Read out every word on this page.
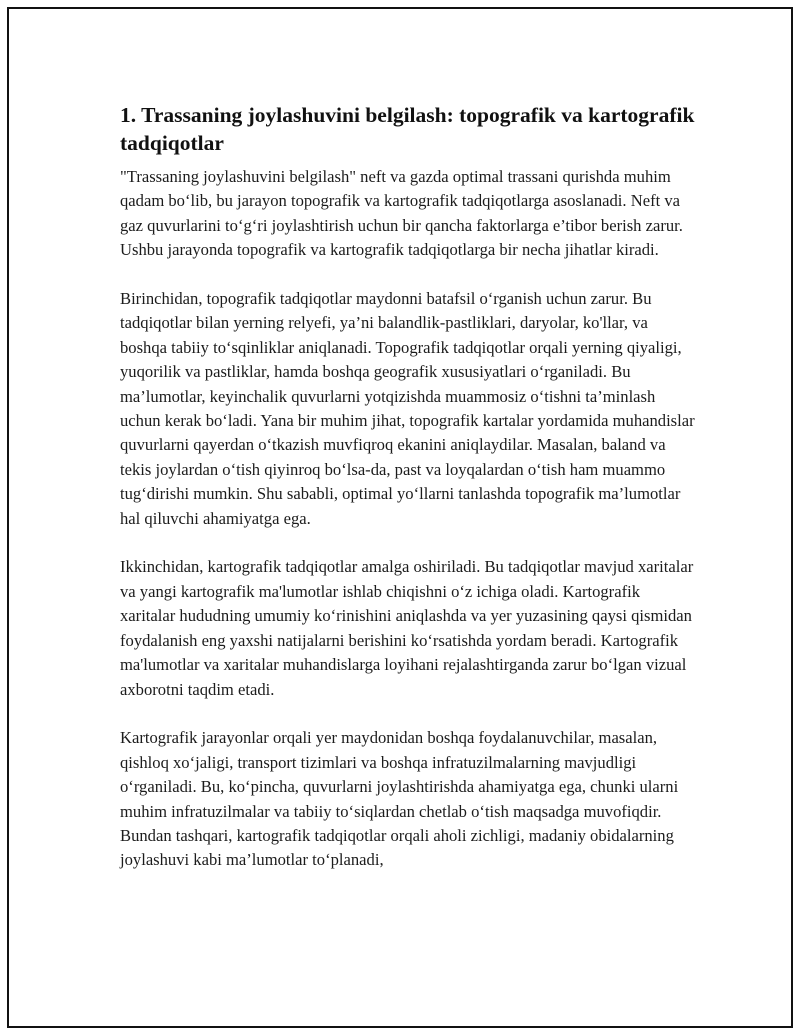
1. Trassaning joylashuvini belgilash: topografik va kartografik tadqiqotlar

"Trassaning joylashuvini belgilash" neft va gazda optimal trassani qurishda muhim qadam bo‘lib, bu jarayon topografik va kartografik tadqiqotlarga asoslanadi. Neft va gaz quvurlarini to‘g‘ri joylashtirish uchun bir qancha faktorlarga e’tibor berish zarur. Ushbu jarayonda topografik va kartografik tadqiqotlarga bir necha jihatlar kiradi.

Birinchidan, topografik tadqiqotlar maydonni batafsil o‘rganish uchun zarur. Bu tadqiqotlar bilan yerning relyefi, ya’ni balandlik-pastliklari, daryolar, ko'llar, va boshqa tabiiy to‘sqinliklar aniqlanadi. Topografik tadqiqotlar orqali yerning qiyaligi, yuqorilik va pastliklar, hamda boshqa geografik xususiyatlari o‘rganiladi. Bu ma’lumotlar, keyinchalik quvurlarni yotqizishda muammosiz o‘tishni ta’minlash uchun kerak bo‘ladi. Yana bir muhim jihat, topografik kartalar yordamida muhandislar quvurlarni qayerdan o‘tkazish muvfiqroq ekanini aniqlaydilar. Masalan, baland va tekis joylardan o‘tish qiyinroq bo‘lsa-da, past va loyqalardan o‘tish ham muammo tug‘dirishi mumkin. Shu sababli, optimal yo‘llarni tanlashda topografik ma’lumotlar hal qiluvchi ahamiyatga ega.

Ikkinchidan, kartografik tadqiqotlar amalga oshiriladi. Bu tadqiqotlar mavjud xaritalar va yangi kartografik ma'lumotlar ishlab chiqishni o‘z ichiga oladi. Kartografik xaritalar hududning umumiy ko‘rinishini aniqlashda va yer yuzasining qaysi qismidan foydalanish eng yaxshi natijalarni berishini ko‘rsatishda yordam beradi. Kartografik ma'lumotlar va xaritalar muhandislarga loyihani rejalashtirganda zarur bo‘lgan vizual axborotni taqdim etadi.

Kartografik jarayonlar orqali yer maydonidan boshqa foydalanuvchilar, masalan, qishloq xo‘jaligi, transport tizimlari va boshqa infratuzilmalarning mavjudligi o‘rganiladi. Bu, ko‘pincha, quvurlarni joylashtirishda ahamiyatga ega, chunki ularni muhim infratuzilmalar va tabiiy to‘siqlardan chetlab o‘tish maqsadga muvofiqdir. Bundan tashqari, kartografik tadqiqotlar orqali aholi zichligi, madaniy obidalarning joylashuvi kabi ma’lumotlar to‘planadi,
